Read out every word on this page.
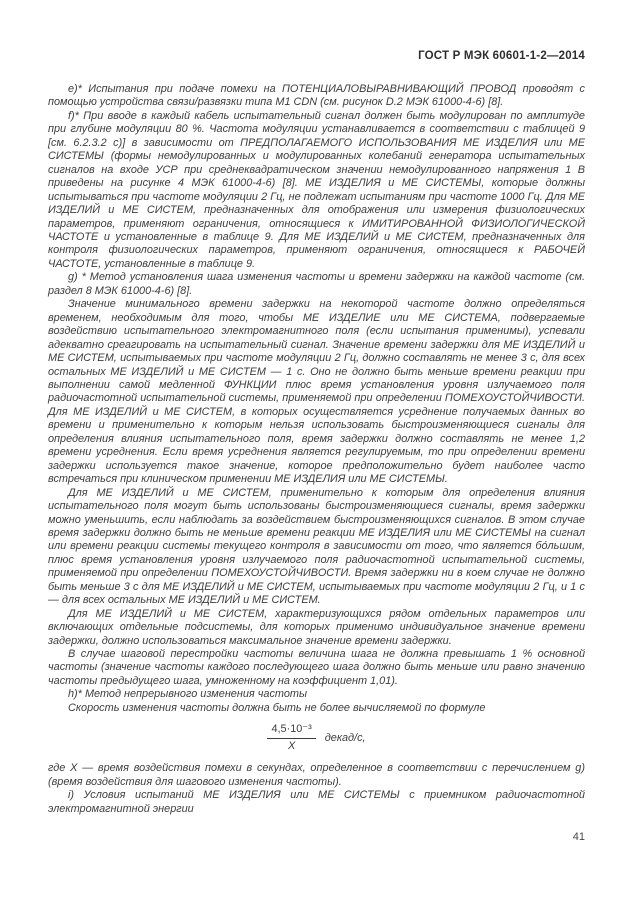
ГОСТ Р МЭК 60601-1-2—2014

e)* Испытания при подаче помехи на ПОТЕНЦИАЛОВЫРАВНИВАЮЩИЙ ПРОВОД проводят с помощью устройства связи/развязки типа M1 CDN (см. рисунок D.2 МЭК 61000-4-6) [8].

f)* При вводе в каждый кабель испытательный сигнал должен быть модулирован по амплитуде при глубине модуляции 80 %. Частота модуляции устанавливается в соответствии с таблицей 9 [см. 6.2.3.2 c)] в зависимости от ПРЕДПОЛАГАЕМОГО ИСПОЛЬЗОВАНИЯ МЕ ИЗДЕЛИЯ или МЕ СИСТЕМЫ (формы немодулированных и модулированных колебаний генератора испытательных сигналов на входе УСР при среднеквадратическом значении немодулированного напряжения 1 В приведены на рисунке 4 МЭК 61000-4-6) [8]. МЕ ИЗДЕЛИЯ и МЕ СИСТЕМЫ, которые должны испытываться при частоте модуляции 2 Гц, не подлежат испытаниям при частоте 1000 Гц. Для МЕ ИЗДЕЛИЙ и МЕ СИСТЕМ, предназначенных для отображения или измерения физиологических параметров, применяют ограничения, относящиеся к ИМИТИРОВАННОЙ ФИЗИОЛОГИЧЕСКОЙ ЧАСТОТЕ и установленные в таблице 9. Для МЕ ИЗДЕЛИЙ и МЕ СИСТЕМ, предназначенных для контроля физиологических параметров, применяют ограничения, относящиеся к РАБОЧЕЙ ЧАСТОТЕ, установленные в таблице 9.

g) * Метод установления шага изменения частоты и времени задержки на каждой частоте (см. раздел 8 МЭК 61000-4-6) [8].

Значение минимального времени задержки на некоторой частоте должно определяться временем, необходимым для того, чтобы МЕ ИЗДЕЛИЕ или МЕ СИСТЕМА, подвергаемые воздействию испытательного электромагнитного поля (если испытания применимы), успевали адекватно среагировать на испытательный сигнал. Значение времени задержки для МЕ ИЗДЕЛИЙ и МЕ СИСТЕМ, испытываемых при частоте модуляции 2 Гц, должно составлять не менее 3 с, для всех остальных МЕ ИЗДЕЛИЙ и МЕ СИСТЕМ — 1 с. Оно не должно быть меньше времени реакции при выполнении самой медленной ФУНКЦИИ плюс время установления уровня излучаемого поля радиочастотной испытательной системы, применяемой при определении ПОМЕХОУСТОЙЧИВОСТИ. Для МЕ ИЗДЕЛИЙ и МЕ СИСТЕМ, в которых осуществляется усреднение получаемых данных во времени и применительно к которым нельзя использовать быстроизменяющиеся сигналы для определения влияния испытательного поля, время задержки должно составлять не менее 1,2 времени усреднения. Если время усреднения является регулируемым, то при определении времени задержки используется такое значение, которое предположительно будет наиболее часто встречаться при клиническом применении МЕ ИЗДЕЛИЯ или МЕ СИСТЕМЫ.

Для МЕ ИЗДЕЛИЙ и МЕ СИСТЕМ, применительно к которым для определения влияния испытательного поля могут быть использованы быстроизменяющиеся сигналы, время задержки можно уменьшить, если наблюдать за воздействием быстроизменяющихся сигналов. В этом случае время задержки должно быть не меньше времени реакции МЕ ИЗДЕЛИЯ или МЕ СИСТЕМЫ на сигнал или времени реакции системы текущего контроля в зависимости от того, что является бо́льшим, плюс время установления уровня излучаемого поля радиочастотной испытательной системы, применяемой при определении ПОМЕХОУСТОЙЧИВОСТИ. Время задержки ни в коем случае не должно быть меньше 3 с для МЕ ИЗДЕЛИЙ и МЕ СИСТЕМ, испытываемых при частоте модуляции 2 Гц, и 1 с — для всех остальных МЕ ИЗДЕЛИЙ и МЕ СИСТЕМ.

Для МЕ ИЗДЕЛИЙ и МЕ СИСТЕМ, характеризующихся рядом отдельных параметров или включающих отдельные подсистемы, для которых применимо индивидуальное значение времени задержки, должно использоваться максимальное значение времени задержки.

В случае шаговой перестройки частоты величина шага не должна превышать 1 % основной частоты (значение частоты каждого последующего шага должно быть меньше или равно значению частоты предыдущего шага, умноженному на коэффициент 1,01).

h)* Метод непрерывного изменения частоты

Скорость изменения частоты должна быть не более вычисляемой по формуле

$\frac{\text{4,5·10⁻³}}{X}$ декад/с,

где X — время воздействия помехи в секундах, определенное в соответствии с перечислением g) (время воздействия для шагового изменения частоты).

i) Условия испытаний МЕ ИЗДЕЛИЯ или МЕ СИСТЕМЫ с приемником радиочастотной электромагнитной энергии

41
